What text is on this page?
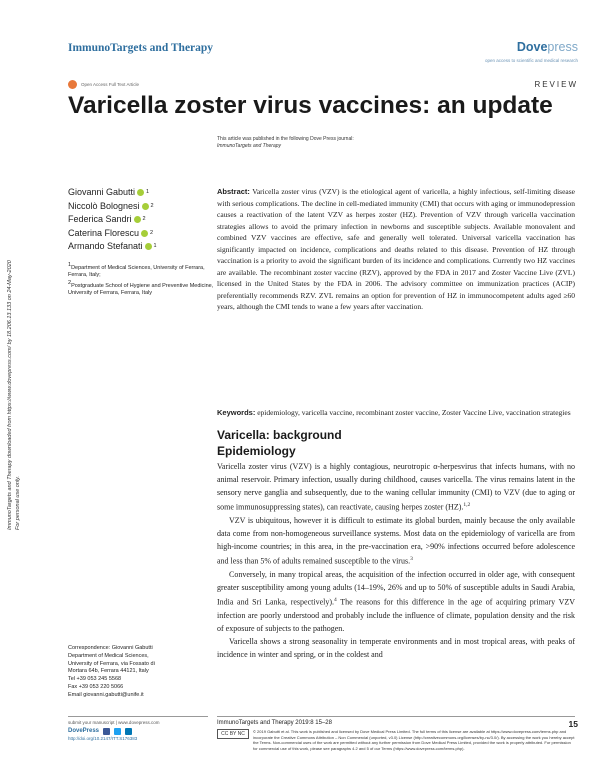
ImmunoTargets and Therapy	Dovepress
open access to scientific and medical research
Open Access Full Text Article	REVIEW
Varicella zoster virus vaccines: an update
This article was published in the following Dove Press journal:
ImmunoTargets and Therapy
ImmunoTargets and Therapy downloaded from https://www.dovepress.com/ by 18.206.13.133 on 24-May-2020 For personal use only.
Giovanni Gabutti 1
Niccolò Bolognesi 2
Federica Sandri 2
Caterina Florescu 2
Armando Stefanati 1
1Department of Medical Sciences, University of Ferrara, Ferrara, Italy;
2Postgraduate School of Hygiene and Preventive Medicine, University of Ferrara, Ferrara, Italy
Abstract: Varicella zoster virus (VZV) is the etiological agent of varicella, a highly infectious, self-limiting disease with serious complications. The decline in cell-mediated immunity (CMI) that occurs with aging or immunodepression causes a reactivation of the latent VZV as herpes zoster (HZ). Prevention of VZV through varicella vaccination strategies allows to avoid the primary infection in newborns and susceptible subjects. Available monovalent and combined VZV vaccines are effective, safe and generally well tolerated. Universal varicella vaccination has significantly impacted on incidence, complications and deaths related to this disease. Prevention of HZ through vaccination is a priority to avoid the significant burden of its incidence and complications. Currently two HZ vaccines are available. The recombinant zoster vaccine (RZV), approved by the FDA in 2017 and Zoster Vaccine Live (ZVL) licensed in the United States by the FDA in 2006. The advisory committee on immunization practices (ACIP) preferentially recommends RZV. ZVL remains an option for prevention of HZ in immunocompetent adults aged ≥60 years, although the CMI tends to wane a few years after vaccination.
Keywords: epidemiology, varicella vaccine, recombinant zoster vaccine, Zoster Vaccine Live, vaccination strategies
Varicella: background
Epidemiology

Varicella zoster virus (VZV) is a highly contagious, neurotropic α-herpesvirus that infects humans, with no animal reservoir. Primary infection, usually during childhood, causes varicella. The virus remains latent in the sensory nerve ganglia and subsequently, due to the waning cellular immunity (CMI) to VZV (due to aging or some immunosuppressing states), can reactivate, causing herpes zoster (HZ).$^{1,2}$

VZV is ubiquitous, however it is difficult to estimate its global burden, mainly because the only available data come from non-homogeneous surveillance systems. Most data on the epidemiology of varicella are from high-income countries; in this area, in the pre-vaccination era, >90% infections occurred before adolescence and less than 5% of adults remained susceptible to the virus.$^3$

Conversely, in many tropical areas, the acquisition of the infection occurred in older age, with consequent greater susceptibility among young adults (14–19%, 26% and up to 50% of susceptible adults in Saudi Arabia, India and Sri Lanka, respectively).$^4$ The reasons for this difference in the age of acquiring primary VZV infection are poorly understood and probably include the influence of climate, population density and the risk of exposure of subjects to the pathogen.

Varicella shows a strong seasonality in temperate environments and in most tropical areas, with peaks of incidence in winter and spring, or in the coldest and

Correspondence: Giovanni Gabutti
Department of Medical Sciences,
University of Ferrara, via Fossato di
Mortara 64b, Ferrara 44121, Italy
Tel +39 053 245 5568
Fax +39 053 220 5066
Email giovanni.gabutti@unife.it
submit your manuscript | www.dovepress.com
DovePress
http://doi.org/10.2147/ITT.S176383
ImmunoTargets and Therapy 2019:8 15–28	15
CC BY NC	© 2019 Gabutti et al. This work is published and licensed by Dove Medical Press Limited. The full terms of this license are available at https://www.dovepress.com/terms.php and incorporate the Creative Commons Attribution – Non Commercial (unported, v3.0) License (http://creativecommons.org/licenses/by-nc/3.0/). By accessing the work you hereby accept the Terms. Non-commercial uses of the work are permitted without any further permission from Dove Medical Press Limited, provided the work is properly attributed. For permission for commercial use of this work, please see paragraphs 4.2 and 5 of our Terms (https://www.dovepress.com/terms.php).
